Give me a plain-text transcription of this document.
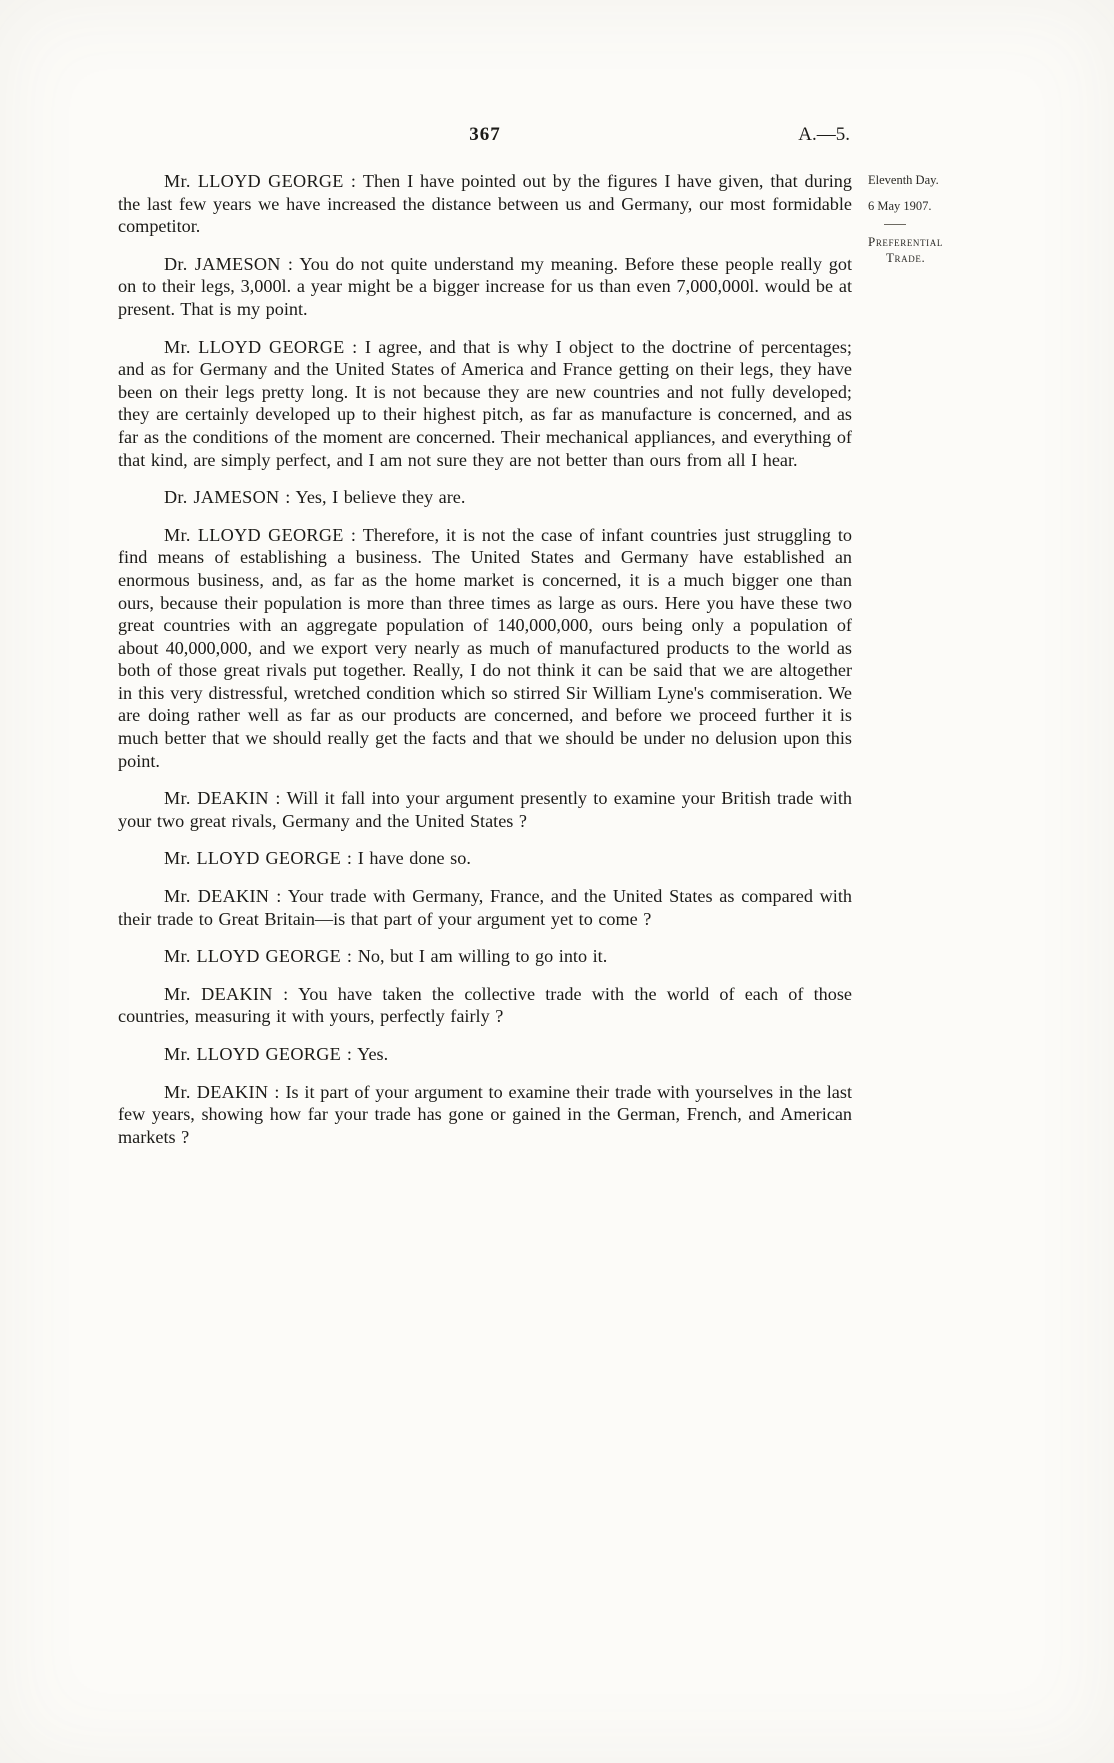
367	A.—5.

Mr. LLOYD GEORGE : Then I have pointed out by the figures I have given, that during the last few years we have increased the distance between us and Germany, our most formidable competitor.

Dr. JAMESON : You do not quite understand my meaning. Before these people really got on to their legs, 3,000l. a year might be a bigger increase for us than even 7,000,000l. would be at present. That is my point.

Mr. LLOYD GEORGE : I agree, and that is why I object to the doctrine of percentages; and as for Germany and the United States of America and France getting on their legs, they have been on their legs pretty long. It is not because they are new countries and not fully developed; they are certainly developed up to their highest pitch, as far as manufacture is concerned, and as far as the conditions of the moment are concerned. Their mechanical appliances, and everything of that kind, are simply perfect, and I am not sure they are not better than ours from all I hear.

Dr. JAMESON : Yes, I believe they are.

Mr. LLOYD GEORGE : Therefore, it is not the case of infant countries just struggling to find means of establishing a business. The United States and Germany have established an enormous business, and, as far as the home market is concerned, it is a much bigger one than ours, because their population is more than three times as large as ours. Here you have these two great countries with an aggregate population of 140,000,000, ours being only a population of about 40,000,000, and we export very nearly as much of manufactured products to the world as both of those great rivals put together. Really, I do not think it can be said that we are altogether in this very distressful, wretched condition which so stirred Sir William Lyne's commiseration. We are doing rather well as far as our products are concerned, and before we proceed further it is much better that we should really get the facts and that we should be under no delusion upon this point.

Mr. DEAKIN : Will it fall into your argument presently to examine your British trade with your two great rivals, Germany and the United States ?

Mr. LLOYD GEORGE : I have done so.

Mr. DEAKIN : Your trade with Germany, France, and the United States as compared with their trade to Great Britain—is that part of your argument yet to come ?

Mr. LLOYD GEORGE : No, but I am willing to go into it.

Mr. DEAKIN : You have taken the collective trade with the world of each of those countries, measuring it with yours, perfectly fairly ?

Mr. LLOYD GEORGE : Yes.

Mr. DEAKIN : Is it part of your argument to examine their trade with yourselves in the last few years, showing how far your trade has gone or gained in the German, French, and American markets ?

Eleventh Day.
6 May 1907.
Preferential
Trade.
